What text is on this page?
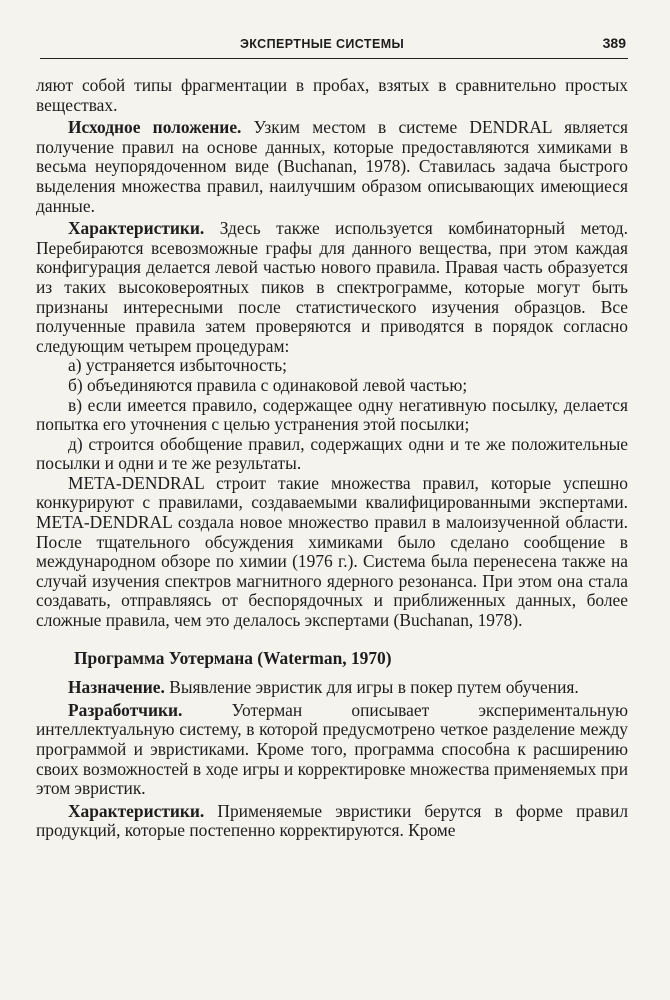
ЭКСПЕРТНЫЕ СИСТЕМЫ	389

ляют собой типы фрагментации в пробах, взятых в сравнительно простых веществах.

Исходное положение. Узким местом в системе DENDRAL является получение правил на основе данных, которые предоставляются химиками в весьма неупорядоченном виде (Buchanan, 1978). Ставилась задача быстрого выделения множества правил, наилучшим образом описывающих имеющиеся данные.

Характеристики. Здесь также используется комбинаторный метод. Перебираются всевозможные графы для данного вещества, при этом каждая конфигурация делается левой частью нового правила. Правая часть образуется из таких высоковероятных пиков в спектрограмме, которые могут быть признаны интересными после статистического изучения образцов. Все полученные правила затем проверяются и приводятся в порядок согласно следующим четырем процедурам:

а) устраняется избыточность;

б) объединяются правила с одинаковой левой частью;

в) если имеется правило, содержащее одну негативную посылку, делается попытка его уточнения с целью устранения этой посылки;

д) строится обобщение правил, содержащих одни и те же положительные посылки и одни и те же результаты.

META-DENDRAL строит такие множества правил, которые успешно конкурируют с правилами, создаваемыми квалифицированными экспертами. META-DENDRAL создала новое множество правил в малоизученной области. После тщательного обсуждения химиками было сделано сообщение в международном обзоре по химии (1976 г.). Система была перенесена также на случай изучения спектров магнитного ядерного резонанса. При этом она стала создавать, отправляясь от беспорядочных и приближенных данных, более сложные правила, чем это делалось экспертами (Buchanan, 1978).

Программа Уотермана (Waterman, 1970)

Назначение. Выявление эвристик для игры в покер путем обучения.

Разработчики. Уотерман описывает экспериментальную интеллектуальную систему, в которой предусмотрено четкое разделение между программой и эвристиками. Кроме того, программа способна к расширению своих возможностей в ходе игры и корректировке множества применяемых при этом эвристик.

Характеристики. Применяемые эвристики берутся в форме правил продукций, которые постепенно корректируются. Кроме
